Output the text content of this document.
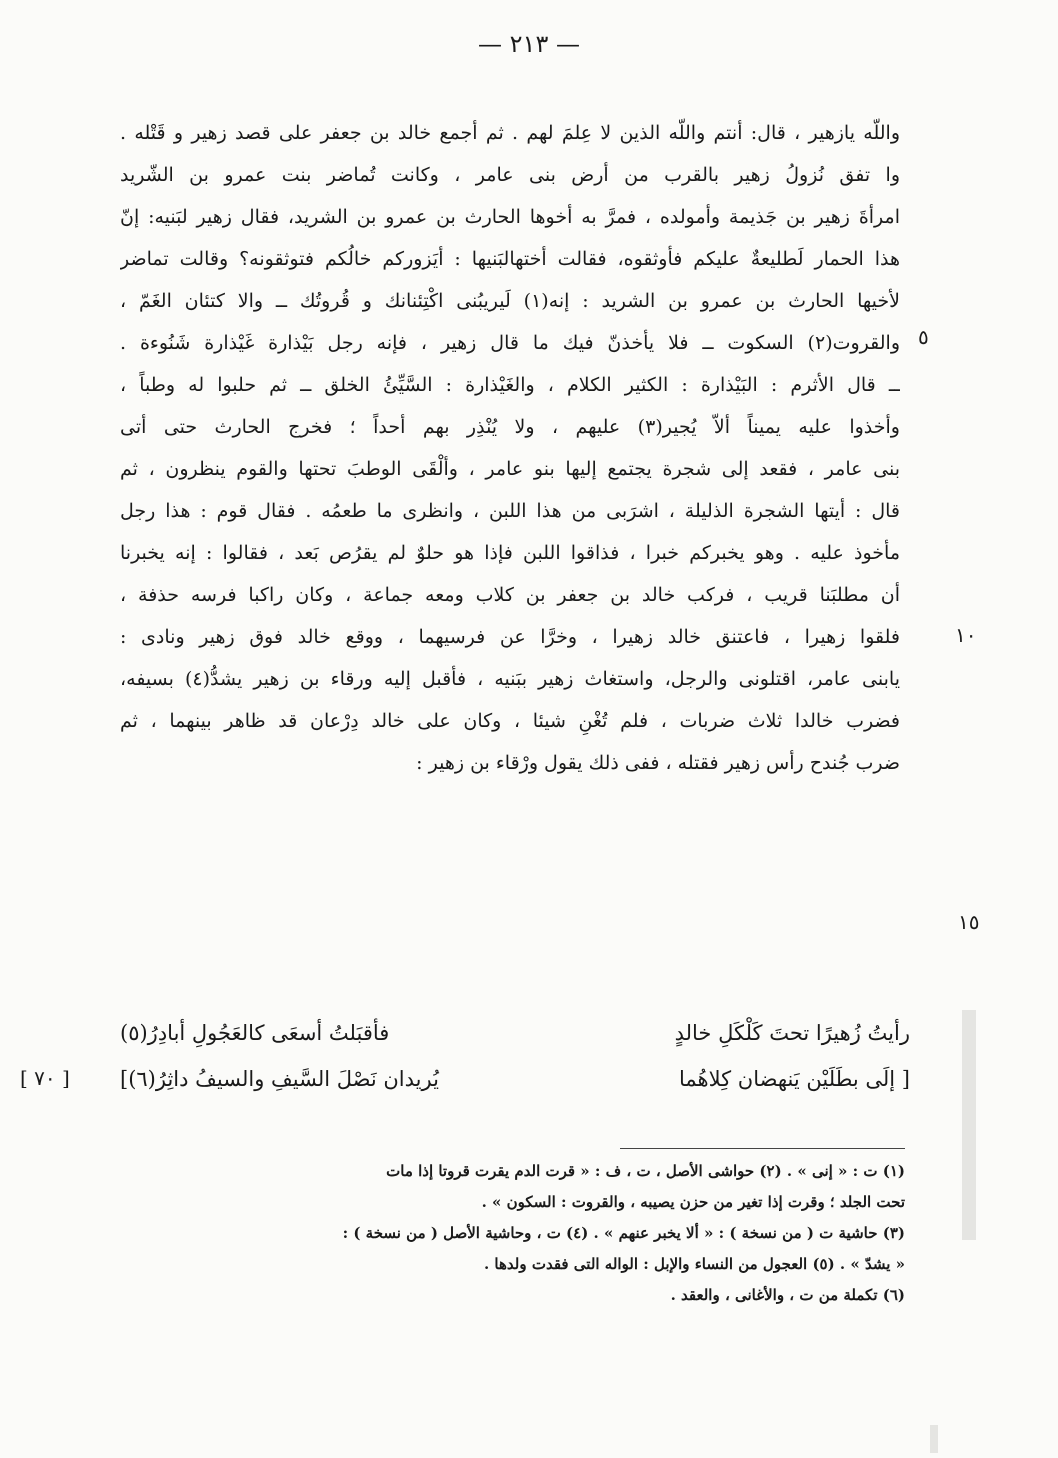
— ٢١٣ —
واللّه یازهیر ، قال: أنتم واللّه الذین لا عِلمَ لهم . ثم أجمع خالد بن جعفر علی قصد زهیر و قَتْله .
وا تفق نُزولُ زهیر بالقرب من أرض بنی عامر ، وکانت تُماضر بنت عمرو بن الشّرید
امرأةَ زهیر بن جَذیمة وأمولده ، فمرَّ به أخوها الحارث بن عمرو بن الشرید، فقال زهیر لبَنیه: إنّ
هذا الحمار لَطلیعةٌ علیکم فأوثقوه، فقالت أختهالبَنیها : أیَزورکم خالُکم فتوثقونه؟ وقالت تماضر
لأخیها الحارث بن عمرو بن الشرید : إنه(١) لَیریبُنی اکْتِئنانك و قُروتُك ــ والا کتئان الغَمّ ،
والقروت(٢) السکوت ــ فلا یأخذنّ فیك ما قال زهیر ، فإنه رجل بَیْذارة غَیْذارة شَنُوءة .
ــ قال الأثرم : البَیْذارة : الکثیر الکلام ، والغَیْذارة : السَّیِّئُ الخلق ــ ثم حلبوا له وطباً ،
وأخذوا علیه یمیناً ألاّ یُجیر(٣) علیهم ، ولا یُنْذِر بهم أحداً ؛ فخرج الحارث حتی أتی
بنی عامر ، فقعد إلی شجرة یجتمع إلیها بنو عامر ، وألْقَی الوطبَ تحتها والقوم ینظرون ، ثم
قال : أیتها الشجرة الذلیلة ، اشرَبی من هذا اللبن ، وانظری ما طعمُه . فقال قوم : هذا رجل
مأخوذ علیه . وهو یخبرکم خبرا ، فذاقوا اللبن فإذا هو حلوٌ لم یقرُص بَعد ، فقالوا : إنه یخبرنا
أن مطلبَنا قریب ، فرکب خالد بن جعفر بن کلاب ومعه جماعة ، وکان راکبا فرسه حذفة ،
فلقوا زهیرا ، فاعتنق خالد زهیرا ، وخرَّا عن فرسیهما ، ووقع خالد فوق زهیر ونادی :
یابنی عامر، اقتلونی والرجل، واستغاث زهیر ببَنیه ، فأقبل إلیه ورقاء بن زهیر یشدُّ(٤) بسیفه،
فضرب خالدا ثلاث ضربات ، فلم تُغْنِ شیئا ، وکان علی خالد دِرْعان قد ظاهر بینهما ، ثم
ضرب جُندح رأس زهیر فقتله ، ففی ذلك یقول ورْقاء بن زهیر :
٥
١٠
١٥
رأیتُ زُهیرًا تحتَ کَلْکَلِ خالدٍ
فأقبَلتُ أسعَی کالعَجُولِ أبادِرُ(٥)
[ إلَی بطَلَیْن یَنهضان کِلاهُما
یُریدان نَصْلَ السَّیفِ والسیفُ داثِرُ(٦)]
[ ٧٠ ]
(١) ت : « إنی » . (٢) حواشی الأصل ، ت ، ف : « قرت الدم یقرت قروتا إذا مات
تحت الجلد ؛ وقرت إذا تغیر من حزن یصیبه ، والقروت : السکون » .
(٣) حاشیة ت ( من نسخة ) : « ألا یخبر عنهم » . (٤) ت ، وحاشیة الأصل ( من نسخة ) :
« یشدّ » . (٥) العجول من النساء والإبل : الواله التی فقدت ولدها .
(٦) تکملة من ت ، والأغانی ، والعقد .
